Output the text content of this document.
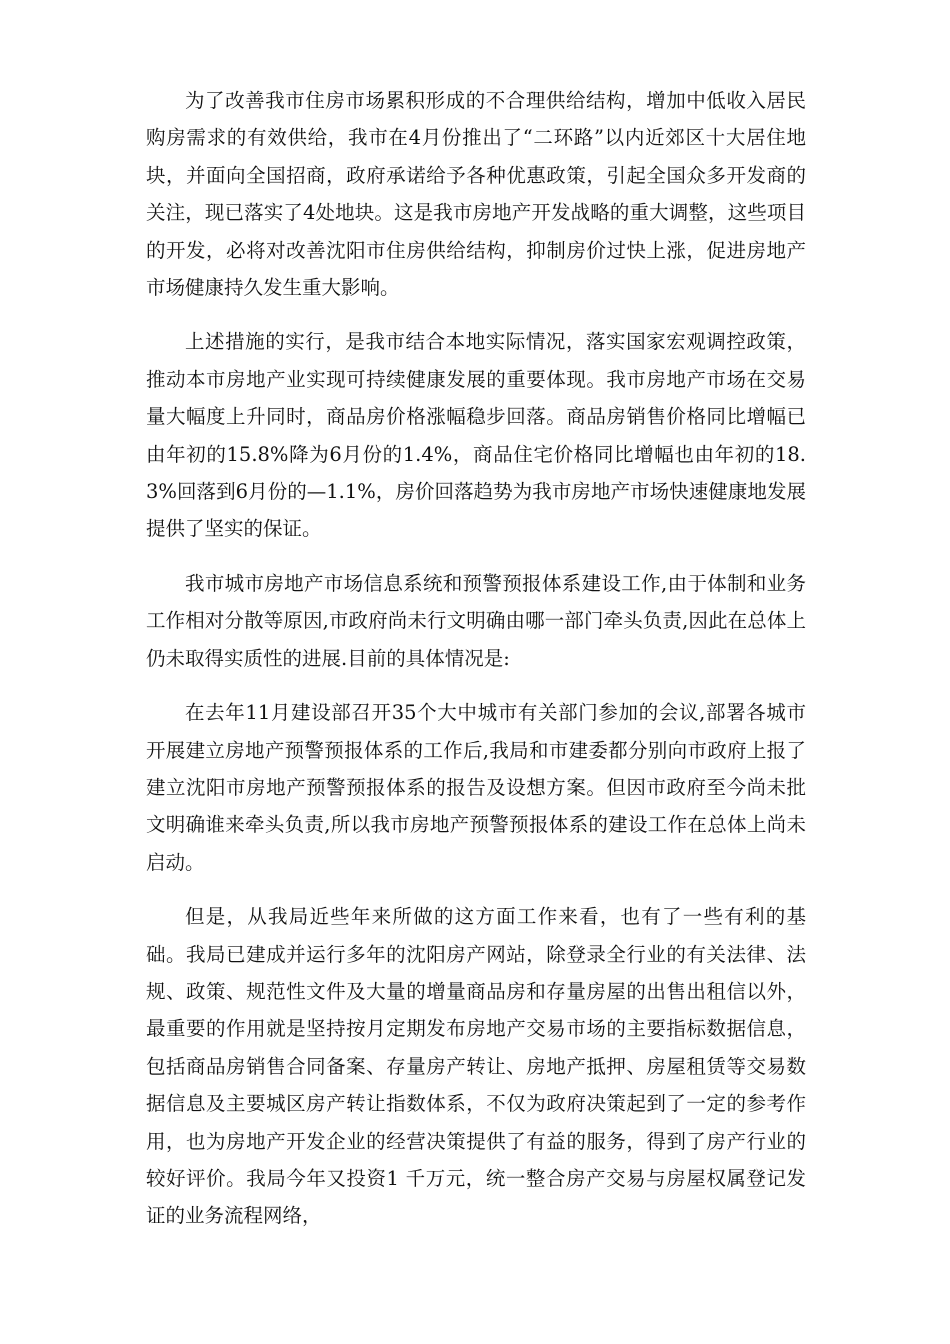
为了改善我市住房市场累积形成的不合理供给结构，增加中低收入居民购房需求的有效供给，我市在4月份推出了“二环路”以内近郊区十大居住地块，并面向全国招商，政府承诺给予各种优惠政策，引起全国众多开发商的关注，现已落实了4处地块。这是我市房地产开发战略的重大调整，这些项目的开发，必将对改善沈阳市住房供给结构，抑制房价过快上涨，促进房地产市场健康持久发生重大影响。

上述措施的实行，是我市结合本地实际情况，落实国家宏观调控政策，推动本市房地产业实现可持续健康发展的重要体现。我市房地产市场在交易量大幅度上升同时，商品房价格涨幅稳步回落。商品房销售价格同比增幅已由年初的15.8%降为6月份的1.4%，商品住宅价格同比增幅也由年初的18.3%回落到6月份的—1.1%，房价回落趋势为我市房地产市场快速健康地发展提供了坚实的保证。

我市城市房地产市场信息系统和预警预报体系建设工作,由于体制和业务工作相对分散等原因,市政府尚未行文明确由哪一部门牵头负责,因此在总体上仍未取得实质性的进展.目前的具体情况是:

在去年11月建设部召开35个大中城市有关部门参加的会议,部署各城市开展建立房地产预警预报体系的工作后,我局和市建委都分别向市政府上报了建立沈阳市房地产预警预报体系的报告及设想方案。但因市政府至今尚未批文明确谁来牵头负责,所以我市房地产预警预报体系的建设工作在总体上尚未启动。

但是，从我局近些年来所做的这方面工作来看，也有了一些有利的基础。我局已建成并运行多年的沈阳房产网站，除登录全行业的有关法律、法规、政策、规范性文件及大量的增量商品房和存量房屋的出售出租信以外，最重要的作用就是坚持按月定期发布房地产交易市场的主要指标数据信息，包括商品房销售合同备案、存量房产转让、房地产抵押、房屋租赁等交易数据信息及主要城区房产转让指数体系，不仅为政府决策起到了一定的参考作用，也为房地产开发企业的经营决策提供了有益的服务，得到了房产行业的较好评价。我局今年又投资1 千万元，统一整合房产交易与房屋权属登记发证的业务流程网络，
